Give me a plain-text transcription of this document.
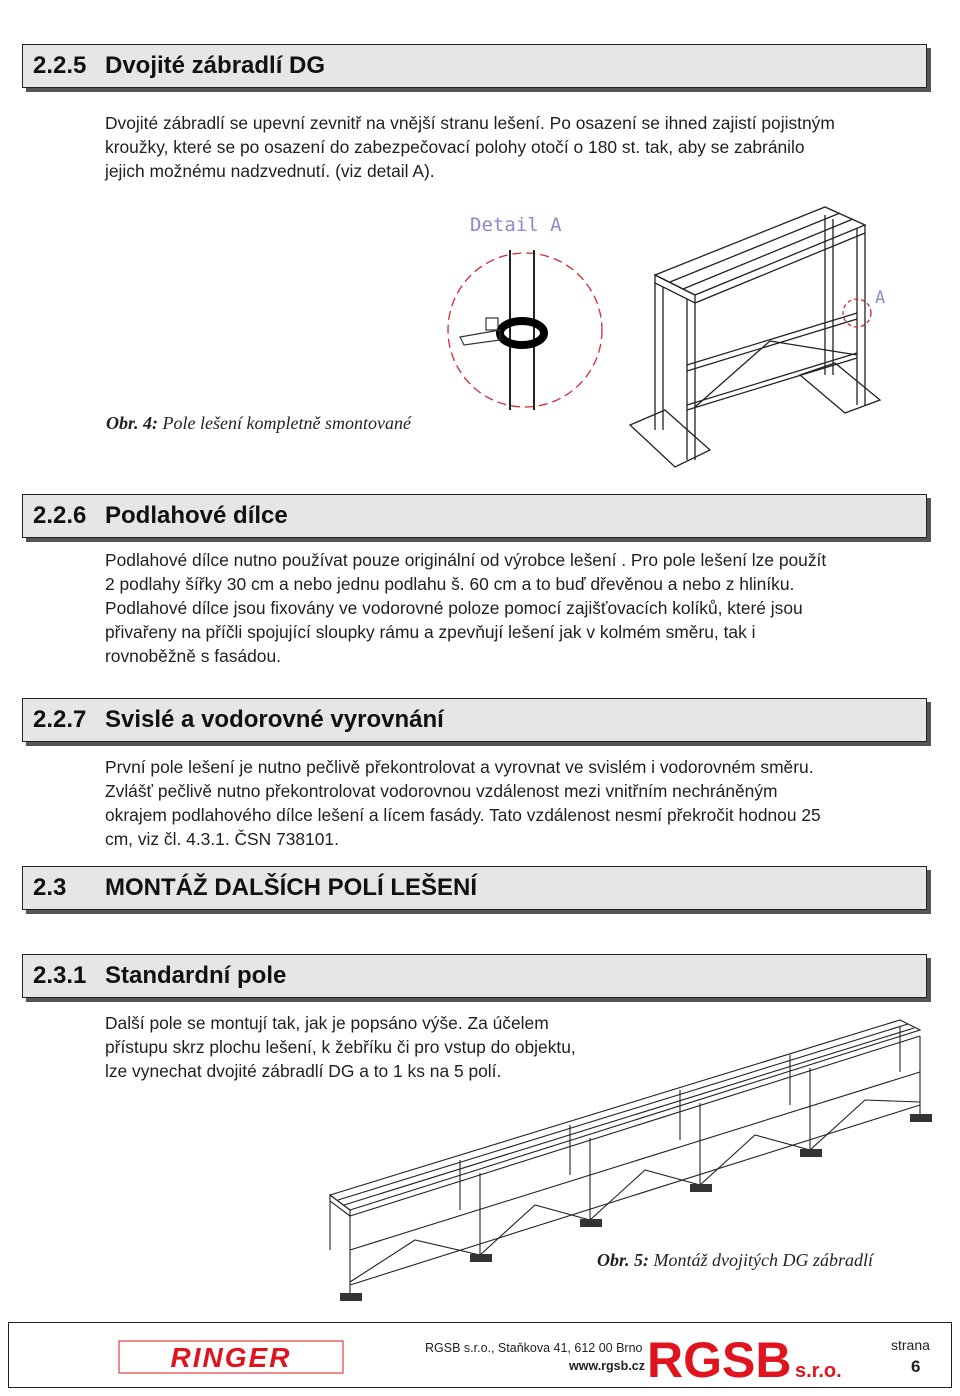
2.2.5 Dvojité zábradlí DG
Dvojité zábradlí se upevní zevnitř na vnější stranu lešení. Po osazení se ihned zajistí pojistným
kroužky, které se po osazení do zabezpečovací polohy otočí o 180 st. tak, aby se zabránilo
jejich možnému nadzvednutí. (viz detail A).
Detail A
A
Obr. 4: Pole lešení kompletně smontované
2.2.6 Podlahové dílce
Podlahové dílce nutno používat pouze originální od výrobce lešení . Pro pole lešení lze použít
2 podlahy šířky 30 cm a nebo jednu podlahu š. 60 cm a to buď dřevěnou a nebo z hliníku.
Podlahové dílce jsou fixovány ve vodorovné poloze pomocí zajišťovacích kolíků, které jsou
přivařeny na příčli spojující sloupky rámu a zpevňují lešení jak v kolmém směru, tak i
rovnoběžně s fasádou.
2.2.7 Svislé a vodorovné vyrovnání
První pole lešení je nutno pečlivě překontrolovat a vyrovnat ve svislém i vodorovném směru.
Zvlášť pečlivě nutno překontrolovat vodorovnou vzdálenost mezi vnitřním nechráněným
okrajem podlahového dílce lešení a lícem fasády. Tato vzdálenost nesmí překročit hodnou 25
cm, viz čl. 4.3.1. ČSN 738101.
2.3 MONTÁŽ DALŠÍCH POLÍ LEŠENÍ
2.3.1 Standardní pole
Další pole se montují tak, jak je popsáno výše. Za účelem
přístupu skrz plochu lešení, k žebříku či pro vstup do objektu,
lze vynechat dvojité zábradlí DG a to 1 ks na 5 polí.
Obr. 5: Montáž dvojitých DG zábradlí
RINGER	RGSB s.r.o., Staňkova 41, 612 00 Brno
www.rgsb.cz RGSB s.r.o.
strana
6
